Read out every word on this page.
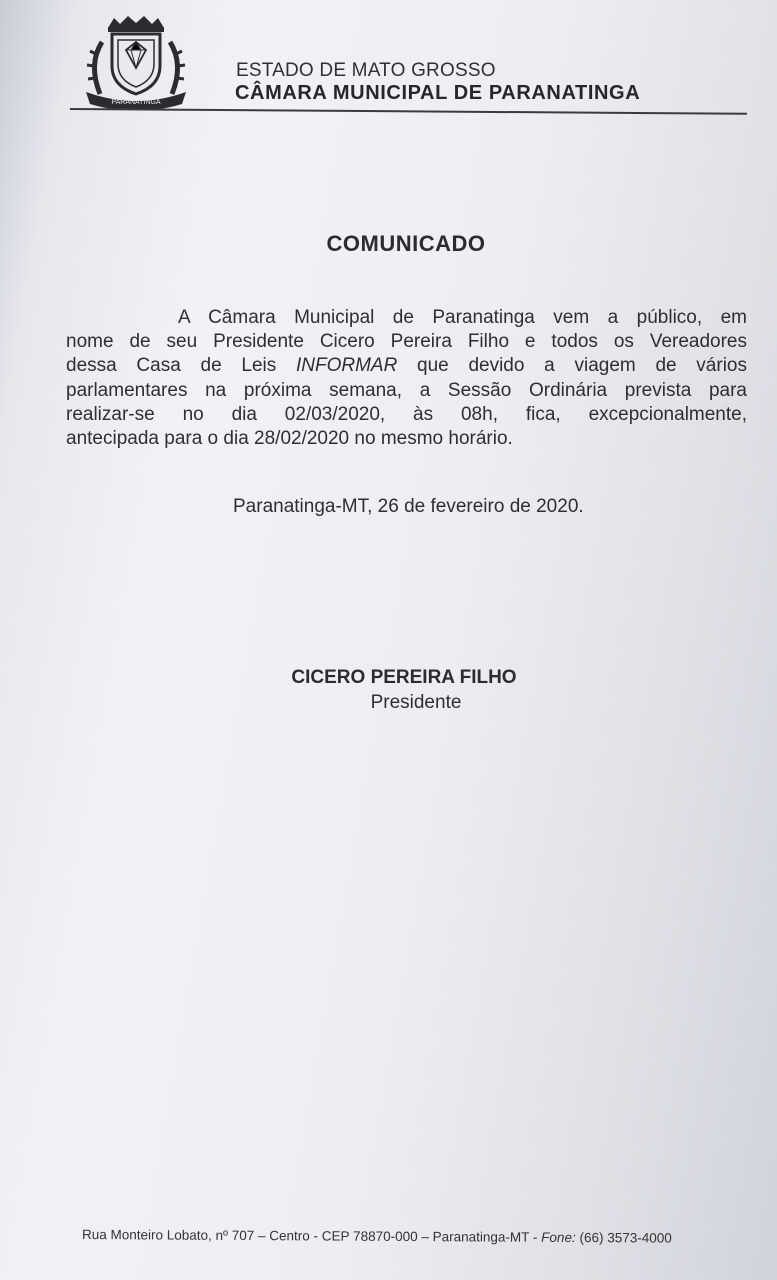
PARANATINGA
ESTADO DE MATO GROSSO
CÂMARA MUNICIPAL DE PARANATINGA
COMUNICADO
A Câmara Municipal de Paranatinga vem a público, em
nome de seu Presidente Cicero Pereira Filho e todos os Vereadores
dessa Casa de Leis INFORMAR que devido a viagem de vários
parlamentares na próxima semana, a Sessão Ordinária prevista para
realizar-se no dia 02/03/2020, às 08h, fica, excepcionalmente,
antecipada para o dia 28/02/2020 no mesmo horário.
Paranatinga-MT, 26 de fevereiro de 2020.
CICERO PEREIRA FILHO
Presidente
Rua Monteiro Lobato, nº 707 – Centro - CEP 78870-000 – Paranatinga-MT - Fone: (66) 3573-4000
